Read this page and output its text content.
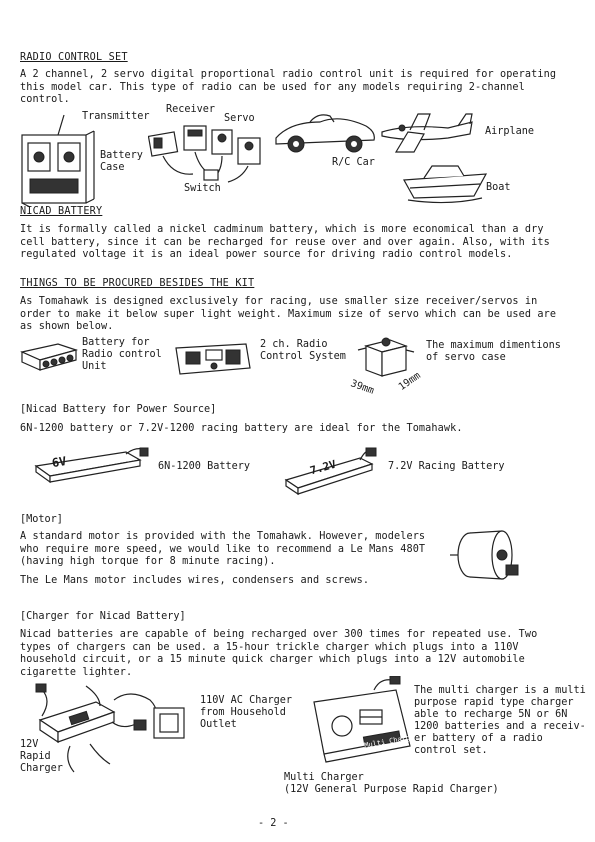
RADIO CONTROL SET
A 2 channel, 2 servo digital proportional radio control unit is required for operating this model car. This type of radio can be used for any models requiring 2-channel control.
Transmitter
Receiver
Servo
Battery
Case
Switch
R/C Car
Airplane
Boat
NICAD BATTERY
It is formally called a nickel cadminum battery, which is more economical than a dry cell battery, since it can be recharged for reuse over and over again. Also, with its regulated voltage it is an ideal power source for driving radio control models.
THINGS TO BE PROCURED BESIDES THE KIT
As Tomahawk is designed exclusively for racing, use smaller size receiver/servos in order to make it below super light weight. Maximum size of servo which can be used are as shown below.
Battery for
Radio control
Unit
2 ch. Radio
Control System
39mm 19mm
The maximum dimentions
of servo case
[Nicad Battery for Power Source]
6N-1200 battery or 7.2V-1200 racing battery are ideal for the Tomahawk.
6V	6N-1200 Battery	7.2V	7.2V Racing Battery
[Motor]
A standard motor is provided with the Tomahawk. However, modelers who require more speed, we would like to recommend a Le Mans 480T (having high torque for 8 minute racing).
The Le Mans motor includes wires, condensers and screws.
[Charger for Nicad Battery]
Nicad batteries are capable of being recharged over 300 times for repeated use. Two types of chargers can be used. a 15-hour trickle charger which plugs into a 110V household circuit, or a 15 minute quick charger which plugs into a 12V automobile cigarette lighter.
12V
Rapid
Charger
110V AC Charger
from Household
Outlet
Multi Charger
The multi charger is a multi
purpose rapid type charger
able to recharge 5N or 6N
1200 batteries and a receiv-
er battery of a radio
control set.
Multi Charger
(12V General Purpose Rapid Charger)
- 2 -
